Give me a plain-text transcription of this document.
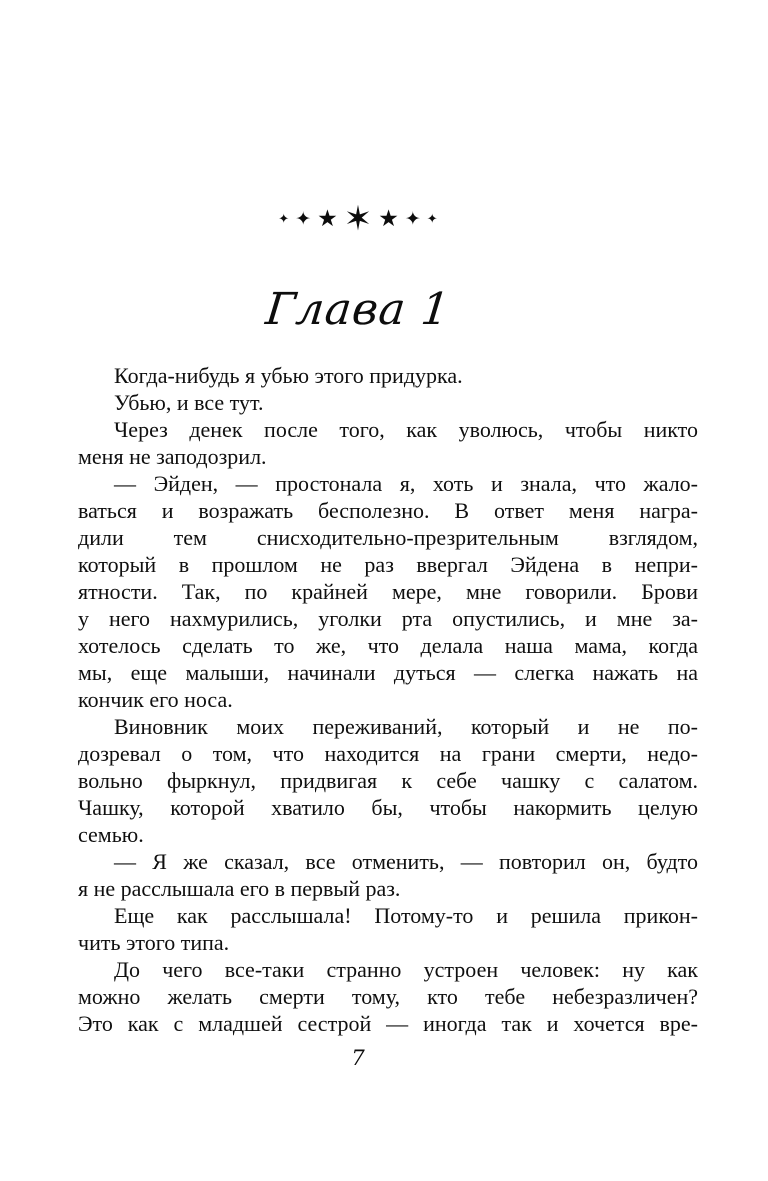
✦ ✦ ★ ✶ ★ ✦ ✦
Глава 1
Когда-нибудь я убью этого придурка.
Убью, и все тут.
Через денек после того, как уволюсь, чтобы никто
меня не заподозрил.
— Эйден, — простонала я, хоть и знала, что жало-
ваться и возражать бесполезно. В ответ меня награ-
дили тем снисходительно-презрительным взглядом,
который в прошлом не раз ввергал Эйдена в непри-
ятности. Так, по крайней мере, мне говорили. Брови
у него нахмурились, уголки рта опустились, и мне за-
хотелось сделать то же, что делала наша мама, когда
мы, еще малыши, начинали дуться — слегка нажать на
кончик его носа.
Виновник моих переживаний, который и не по-
дозревал о том, что находится на грани смерти, недо-
вольно фыркнул, придвигая к себе чашку с салатом.
Чашку, которой хватило бы, чтобы накормить целую
семью.
— Я же сказал, все отменить, — повторил он, будто
я не расслышала его в первый раз.
Еще как расслышала! Потому-то и решила прикон-
чить этого типа.
До чего все-таки странно устроен человек: ну как
можно желать смерти тому, кто тебе небезразличен?
Это как с младшей сестрой — иногда так и хочется вре-
7
